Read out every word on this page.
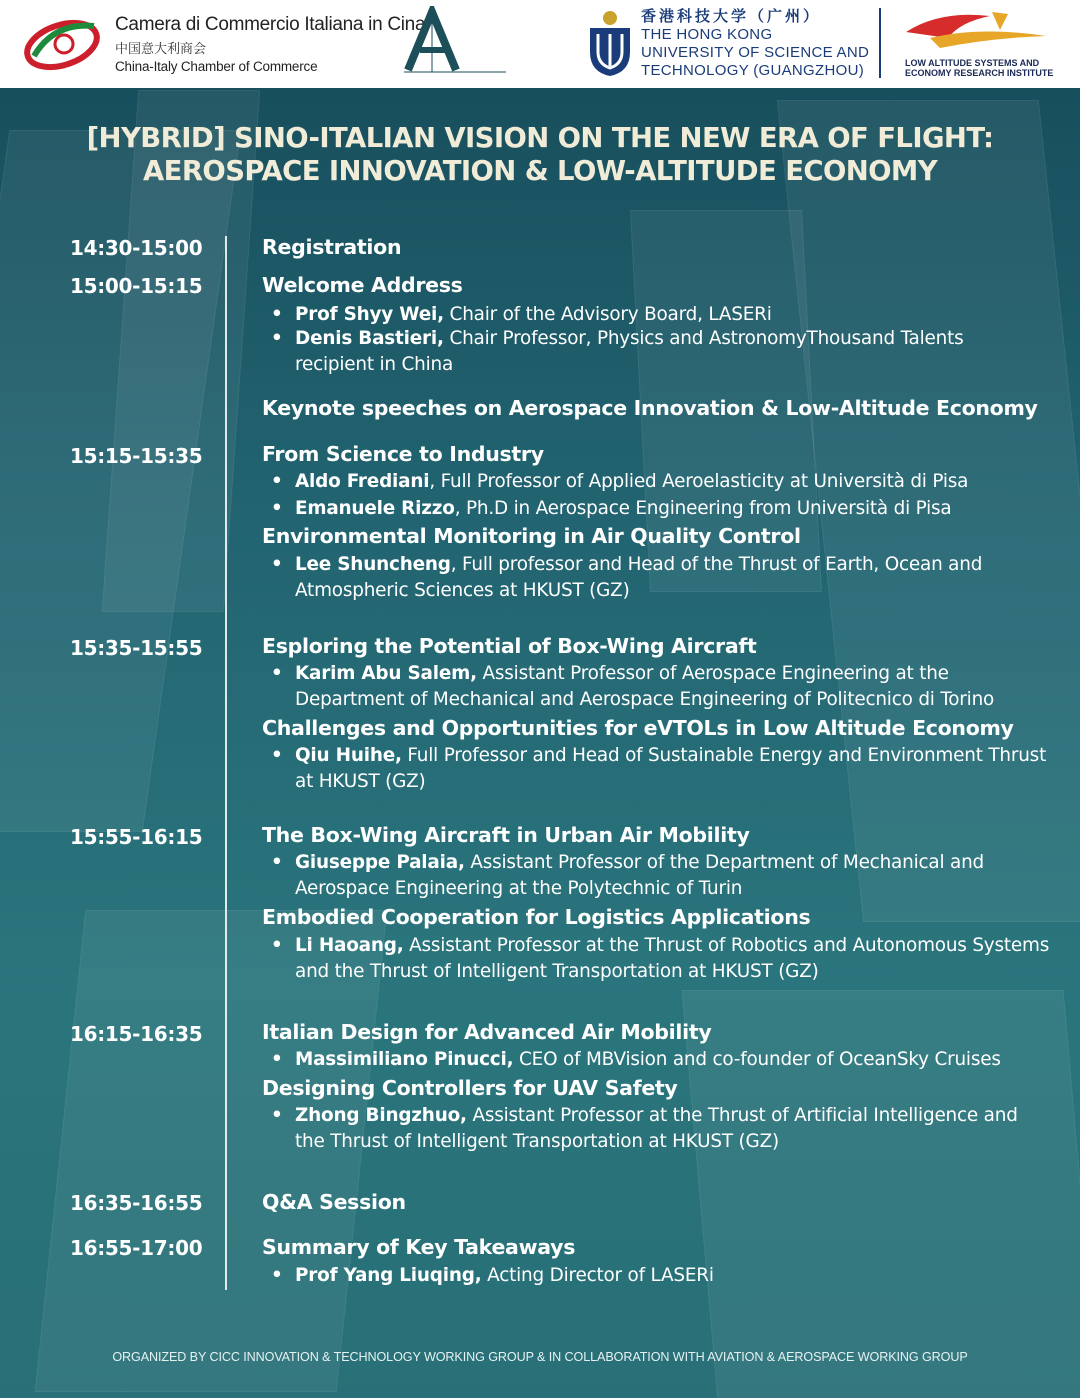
Camera di Commercio Italiana in Cina
中国意大利商会
China-Italy Chamber of Commerce
香港科技大学（广州）
THE HONG KONG
UNIVERSITY OF SCIENCE AND
TECHNOLOGY (GUANGZHOU)	LOW ALTITUDE SYSTEMS AND
ECONOMY RESEARCH INSTITUTE
[HYBRID] SINO-ITALIAN VISION ON THE NEW ERA OF FLIGHT:
AEROSPACE INNOVATION & LOW-ALTITUDE ECONOMY
14:30-15:00	Registration
15:00-15:15	Welcome Address
• Prof Shyy Wei, Chair of the Advisory Board, LASERi
• Denis Bastieri, Chair Professor, Physics and AstronomyThousand Talents recipient in China
Keynote speeches on Aerospace Innovation & Low-Altitude Economy
15:15-15:35	From Science to Industry
• Aldo Frediani, Full Professor of Applied Aeroelasticity at Università di Pisa
• Emanuele Rizzo, Ph.D in Aerospace Engineering from Università di Pisa
Environmental Monitoring in Air Quality Control
• Lee Shuncheng, Full professor and Head of the Thrust of Earth, Ocean and Atmospheric Sciences at HKUST (GZ)
15:35-15:55	Esploring the Potential of Box-Wing Aircraft
• Karim Abu Salem, Assistant Professor of Aerospace Engineering at the Department of Mechanical and Aerospace Engineering of Politecnico di Torino
Challenges and Opportunities for eVTOLs in Low Altitude Economy
• Qiu Huihe, Full Professor and Head of Sustainable Energy and Environment Thrust at HKUST (GZ)
15:55-16:15	The Box-Wing Aircraft in Urban Air Mobility
• Giuseppe Palaia, Assistant Professor of the Department of Mechanical and Aerospace Engineering at the Polytechnic of Turin
Embodied Cooperation for Logistics Applications
• Li Haoang, Assistant Professor at the Thrust of Robotics and Autonomous Systems and the Thrust of Intelligent Transportation at HKUST (GZ)
16:15-16:35	Italian Design for Advanced Air Mobility
• Massimiliano Pinucci, CEO of MBVision and co-founder of OceanSky Cruises
Designing Controllers for UAV Safety
• Zhong Bingzhuo, Assistant Professor at the Thrust of Artificial Intelligence and the Thrust of Intelligent Transportation at HKUST (GZ)
16:35-16:55	Q&A Session
16:55-17:00	Summary of Key Takeaways
• Prof Yang Liuqing, Acting Director of LASERi
ORGANIZED BY CICC INNOVATION & TECHNOLOGY WORKING GROUP & IN COLLABORATION WITH AVIATION & AEROSPACE WORKING GROUP
